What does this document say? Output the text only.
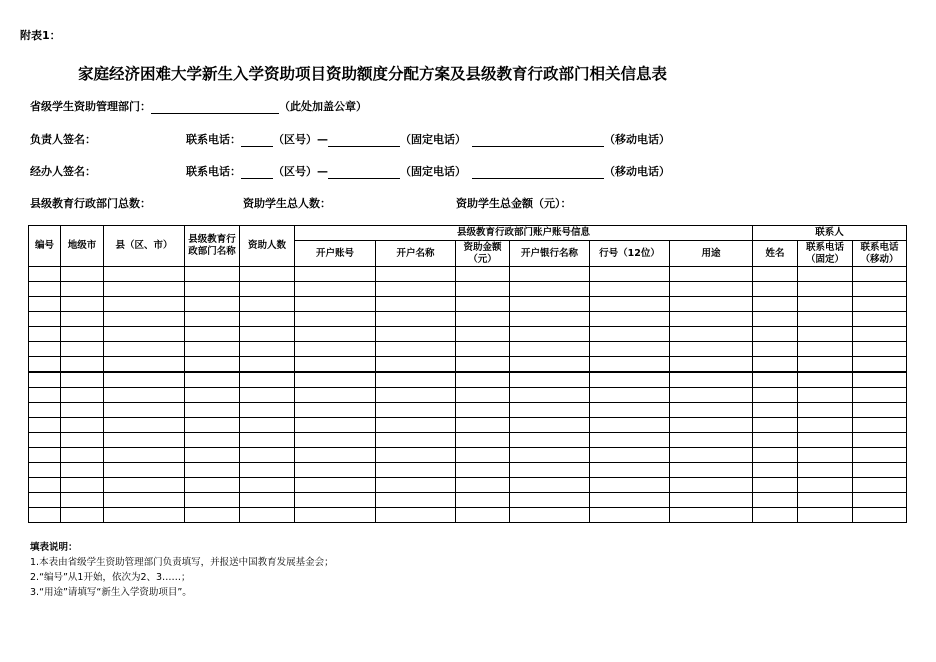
附表1：
家庭经济困难大学新生入学资助项目资助额度分配方案及县级教育行政部门相关信息表
省级学生资助管理部门：	（此处加盖公章）
负责人签名：	联系电话：	（区号）—	（固定电话）	（移动电话）
经办人签名：	联系电话：	（区号）—	（固定电话）	（移动电话）
县级教育行政部门总数：	资助学生总人数：	资助学生总金额（元）：
编号	地级市	县（区、市）	县级教育行政部门名称	资助人数	县级教育行政部门账户账号信息						联系人		
					开户账号	开户名称	资助金额（元）	开户银行名称	行号（12位）	用途	姓名	联系电话（固定）	联系电话（移动）

填表说明：
1.本表由省级学生资助管理部门负责填写，并报送中国教育发展基金会；
2.“编号”从1开始，依次为2、3……；
3.“用途”请填写“新生入学资助项目”。
